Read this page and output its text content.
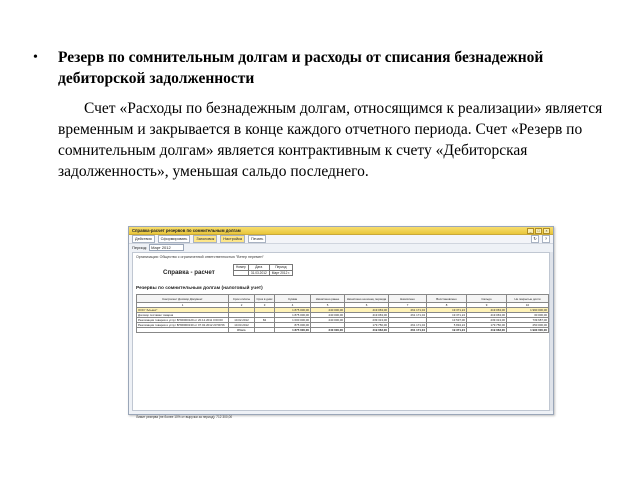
• Резерв по сомнительным долгам и расходы от списания безнадежной дебиторской задолженности
Счет «Расходы по безнадежным долгам, относящимся к реализации» является временным и закрывается в конце каждого отчетного периода. Счет «Резерв по сомнительным долгам» является контрактивным к счету «Дебиторская задолженность», уменьшая сальдо последнего.
Справка-расчет резервов по сомнительным долгам	_	□	×
Действия	Сформировать	Заголовок	Настройка	Печать	↻	?
Период:	Март 2012
Организация: Общество с ограниченной ответственностью "Ветер перемен"
Номер	Дата	Период
	31.03.2012	Март 2012 г.
Справка - расчет
Резервы по сомнительным долгам (налоговый учет)
Контрагент Договор Документ	Срок оплаты	Срок в днях	Сумма	Начислено ранее	Начислено на конец периода	Начислено	Восстановлено	Сальдо	Не покрытые долги
1	2	3	4	5	6	7	8	9	10
ООО "Альянс"			1 875 000,00	240 000,00	419 063,00	261 171,04	19 371,24	419 063,00	1 990 000,00
Договор поставки товаров			1 875 000,00	240 000,00	419 063,00	261 171,04	19 371,24	419 063,00	30 000,00
Реализация товаров и услуг БП00000129 от 20.12.2011 0:00:00	10.02.2012	84	1 000 000,00	240 000,00	239 313,00		13 537,00	239 313,00	739 687,00
Реализация товаров и услуг БП00000130 от 07.02.2012 23:59:56	10.03.2012		875 000,00		179 750,00	261 171,04	5 834,24	179 750,00	250 000,00
	Итого		1 875 000,00	240 000,00	419 063,00	261 171,04	19 371,24	419 063,00	1 990 000,00
Лимит резерва (не более 10% от выручки за период): 712 300,00
